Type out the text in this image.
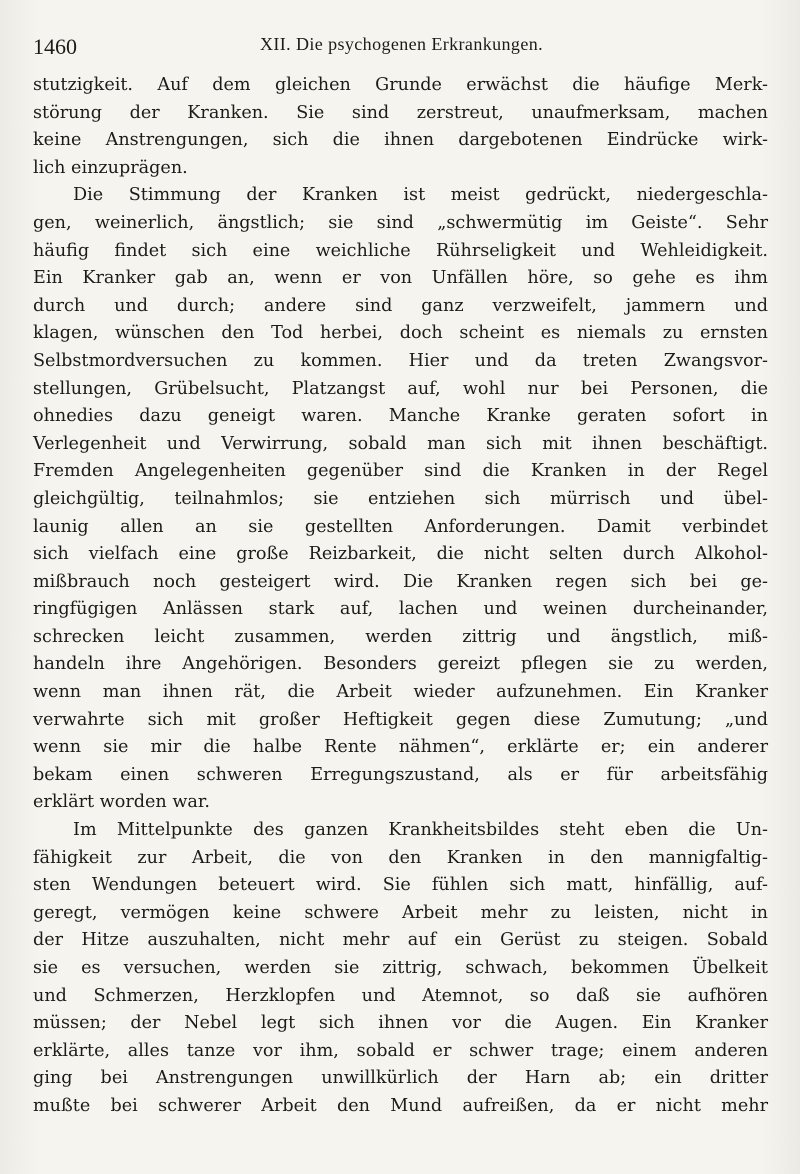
1460	XII. Die psychogenen Erkrankungen.
stutzigkeit. Auf dem gleichen Grunde erwächst die häufige Merk-
störung der Kranken. Sie sind zerstreut, unaufmerksam, machen
keine Anstrengungen, sich die ihnen dargebotenen Eindrücke wirk-
lich einzuprägen.
Die Stimmung der Kranken ist meist gedrückt, niedergeschla-
gen, weinerlich, ängstlich; sie sind „schwermütig im Geiste“. Sehr
häufig findet sich eine weichliche Rührseligkeit und Wehleidigkeit.
Ein Kranker gab an, wenn er von Unfällen höre, so gehe es ihm
durch und durch; andere sind ganz verzweifelt, jammern und
klagen, wünschen den Tod herbei, doch scheint es niemals zu ernsten
Selbstmordversuchen zu kommen. Hier und da treten Zwangsvor-
stellungen, Grübelsucht, Platzangst auf, wohl nur bei Personen, die
ohnedies dazu geneigt waren. Manche Kranke geraten sofort in
Verlegenheit und Verwirrung, sobald man sich mit ihnen beschäftigt.
Fremden Angelegenheiten gegenüber sind die Kranken in der Regel
gleichgültig, teilnahmlos; sie entziehen sich mürrisch und übel-
launig allen an sie gestellten Anforderungen. Damit verbindet
sich vielfach eine große Reizbarkeit, die nicht selten durch Alkohol-
mißbrauch noch gesteigert wird. Die Kranken regen sich bei ge-
ringfügigen Anlässen stark auf, lachen und weinen durcheinander,
schrecken leicht zusammen, werden zittrig und ängstlich, miß-
handeln ihre Angehörigen. Besonders gereizt pflegen sie zu werden,
wenn man ihnen rät, die Arbeit wieder aufzunehmen. Ein Kranker
verwahrte sich mit großer Heftigkeit gegen diese Zumutung; „und
wenn sie mir die halbe Rente nähmen“, erklärte er; ein anderer
bekam einen schweren Erregungszustand, als er für arbeitsfähig
erklärt worden war.
Im Mittelpunkte des ganzen Krankheitsbildes steht eben die Un-
fähigkeit zur Arbeit, die von den Kranken in den mannigfaltig-
sten Wendungen beteuert wird. Sie fühlen sich matt, hinfällig, auf-
geregt, vermögen keine schwere Arbeit mehr zu leisten, nicht in
der Hitze auszuhalten, nicht mehr auf ein Gerüst zu steigen. Sobald
sie es versuchen, werden sie zittrig, schwach, bekommen Übelkeit
und Schmerzen, Herzklopfen und Atemnot, so daß sie aufhören
müssen; der Nebel legt sich ihnen vor die Augen. Ein Kranker
erklärte, alles tanze vor ihm, sobald er schwer trage; einem anderen
ging bei Anstrengungen unwillkürlich der Harn ab; ein dritter
mußte bei schwerer Arbeit den Mund aufreißen, da er nicht mehr
